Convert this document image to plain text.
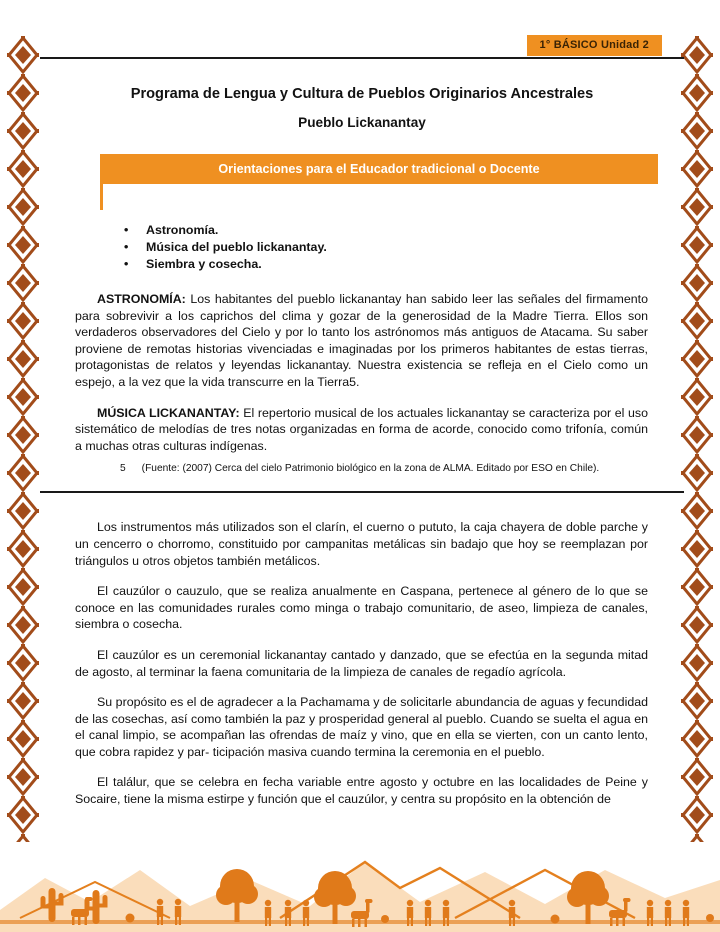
1° BÁSICO Unidad 2
Programa de Lengua y Cultura de Pueblos Originarios Ancestrales
Pueblo Lickanantay
Orientaciones para el Educador tradicional o Docente
•	Astronomía.
•	Música del pueblo lickanantay.
•	Siembra y cosecha.

ASTRONOMÍA: Los habitantes del pueblo lickanantay han sabido leer las señales del firmamento para sobrevivir a los caprichos del clima y gozar de la generosidad de la Madre Tierra. Ellos son verdaderos observadores del Cielo y por lo tanto los astrónomos más antiguos de Atacama. Su saber proviene de remotas historias vivenciadas e imaginadas por los primeros habitantes de estas tierras, protagonistas de relatos y leyendas lickanantay. Nuestra existencia se refleja en el Cielo como un espejo, a la vez que la vida transcurre en la Tierra5.

MÚSICA LICKANANTAY: El repertorio musical de los actuales lickanantay se caracteriza por el uso sistemático de melodías de tres notas organizadas en forma de acorde, conocido como trifonía, común a muchas otras culturas indígenas.

5 (Fuente: (2007) Cerca del cielo Patrimonio biológico en la zona de ALMA. Editado por ESO en Chile).

Los instrumentos más utilizados son el clarín, el cuerno o pututo, la caja chayera de doble parche y un cencerro o chorromo, constituido por campanitas metálicas sin badajo que hoy se reemplazan por triángulos u otros objetos también metálicos.

El cauzúlor o cauzulo, que se realiza anualmente en Caspana, pertenece al género de lo que se conoce en las comunidades rurales como minga o trabajo comunitario, de aseo, limpieza de canales, siembra o cosecha.

El cauzúlor es un ceremonial lickanantay cantado y danzado, que se efectúa en la segunda mitad de agosto, al terminar la faena comunitaria de la limpieza de canales de regadío agrícola.

Su propósito es el de agradecer a la Pachamama y de solicitarle abundancia de aguas y fecundidad de las cosechas, así como también la paz y prosperidad general al pueblo. Cuando se suelta el agua en el canal limpio, se acompañan las ofrendas de maíz y vino, que en ella se vierten, con un canto lento, que cobra rapidez y par- ticipación masiva cuando termina la ceremonia en el pueblo.

El találur, que se celebra en fecha variable entre agosto y octubre en las localidades de Peine y Socaire, tiene la misma estirpe y función que el cauzúlor, y centra su propósito en la obtención de
